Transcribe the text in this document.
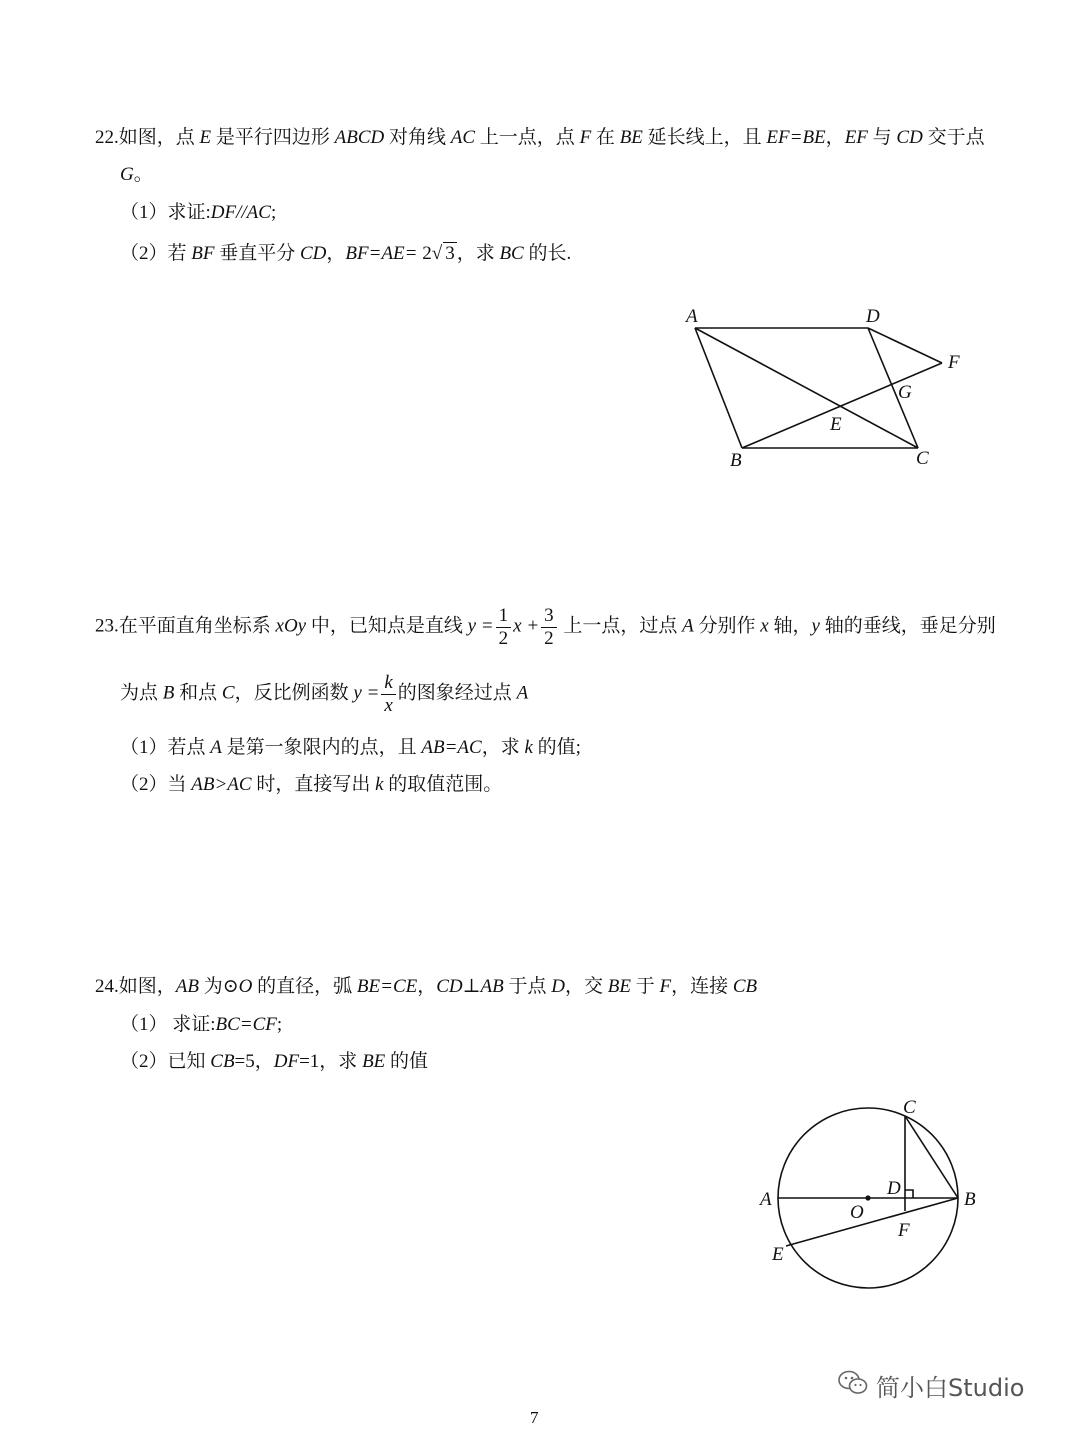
22.如图，点 E 是平行四边形 ABCD 对角线 AC 上一点，点 F 在 BE 延长线上，且 EF=BE，EF 与 CD 交于点
G。
（1）求证:DF//AC;
（2）若 BF 垂直平分 CD，BF=AE= 2√ 3 ，求 BC 的长.
A	D
F
G
E
B	C
23.在平面直角坐标系 xOy 中，已知点是直线 $y = \frac{1}{2}$ $x + \frac{3}{2}$ 上一点，过点 A 分别作 x 轴，y 轴的垂线，垂足分别
为点 B 和点 C，反比例函数 $y = \frac{k}{x}$ 的图象经过点 A
（1）若点 A 是第一象限内的点，且 AB=AC，求 k 的值;
（2）当 AB>AC 时，直接写出 k 的取值范围。
24.如图，AB 为⊙O 的直径，弧 BE=CE，CD⊥AB 于点 D，交 BE 于 F，连接 CB
（1） 求证:BC=CF;
（2）已知 CB=5，DF=1，求 BE 的值
C
D
A	B
O
F
E
简小白Studio
7
